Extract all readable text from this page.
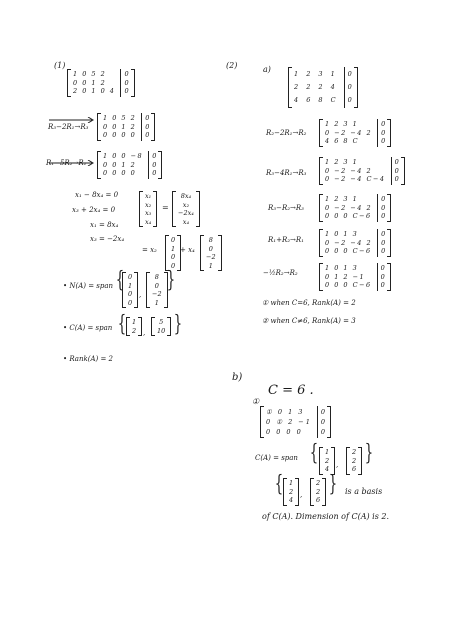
(1)
1 0 5 2
0 0 1 2
2 0 1 0 4
0
0
0
R₃−2R₁→R₃
1 0 5 2
0 0 1 2
0 0 0 0
0
0
0
R₁−5R₂→R₁
1 0 0 −8
0 0 1 2
0 0 0 0
0
0
0
x₁ − 8x₄ = 0
x₃ + 2x₄ = 0
x₁ = 8x₄
x₃ = −2x₄
x₁
x₂
x₃
x₄
=
8x₄
x₂
−2x₄
x₄
= x₂
0
1
0
0
+ x₄
8
0
−2
1
• N(A) = span { 0
1
0
0
,
8
0
−2
1
}
• C(A) = span { 1
2 ,
5
10 }
• Rank(A) = 2
(2)	a)	1 2 3 1
2 2 2 4
4 6 8 C
0
0
0
R₂−2R₁→R₂
1 2 3 1
0 −2 −4 2
4 6 8 C
0
0
0
R₃−4R₁→R₃
1 2 3 1
0 −2 −4 2
0 −2 −4 C−4
0
0
0
R₃−R₂→R₃
1 2 3 1
0 −2 −4 2
0 0 0 C−6
0
0
0
R₁+R₂→R₁
1 0 1 3
0 −2 −4 2
0 0 0 C−6
0
0
0
−½R₂→R₂
1 0 1 3
0 1 2 −1
0 0 0 C−6
0
0
0
① when C=6, Rank(A) = 2
② when C≠6, Rank(A) = 3
b)
C = 6 .
①
① 0 1 3
0 ① 2 −1
0 0 0 0
0
0
0
C(A) = span { 1
2
4 ,
2
2
6
}
{ 1
2
4
,
2
2
6
} is a basis
of C(A). Dimension of C(A) is 2.
